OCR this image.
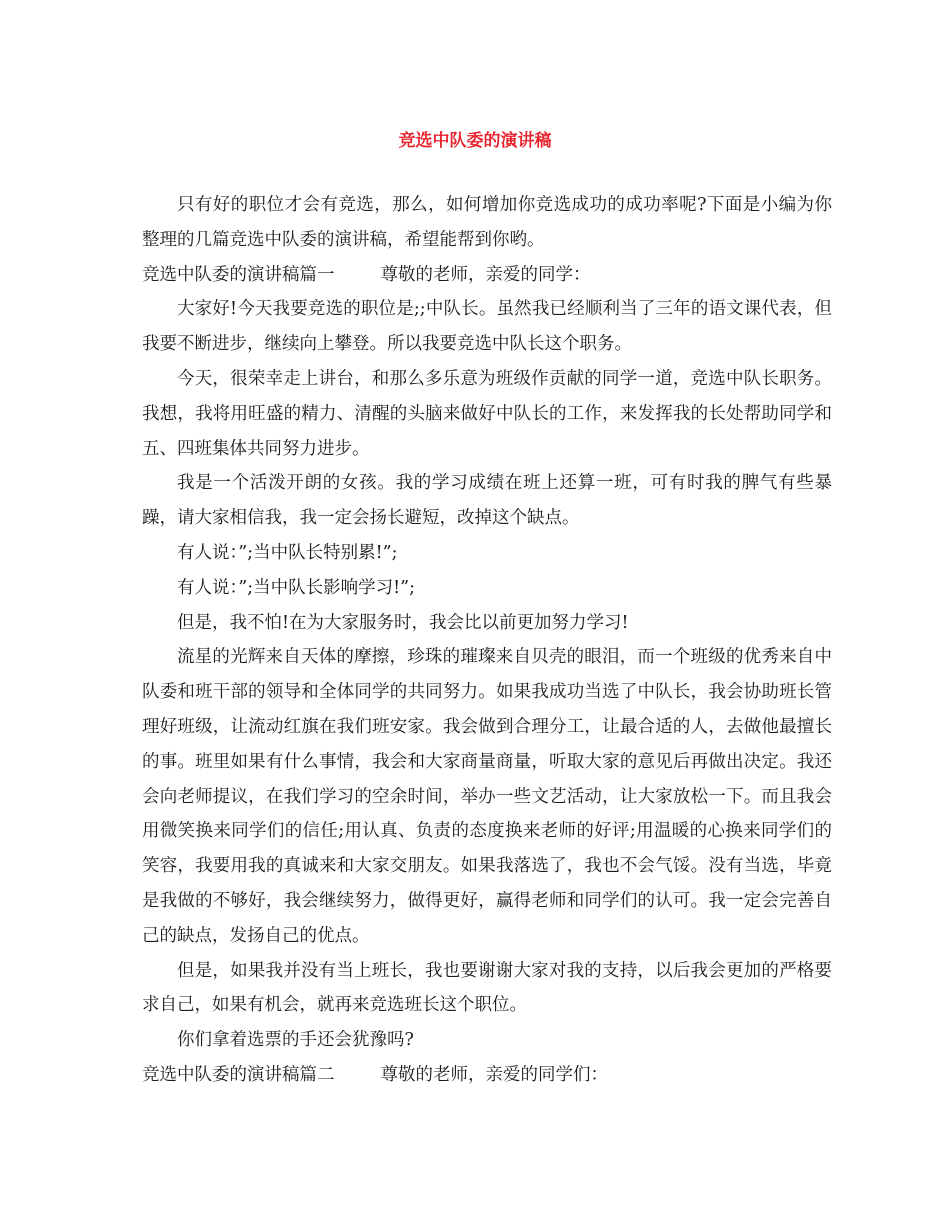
竞选中队委的演讲稿

只有好的职位才会有竞选，那么，如何增加你竞选成功的成功率呢?下面是小编为你整理的几篇竞选中队委的演讲稿，希望能帮到你哟。

竞选中队委的演讲稿篇一	尊敬的老师，亲爱的同学：

大家好!今天我要竞选的职位是;;中队长。虽然我已经顺利当了三年的语文课代表，但我要不断进步，继续向上攀登。所以我要竞选中队长这个职务。

今天，很荣幸走上讲台，和那么多乐意为班级作贡献的同学一道，竞选中队长职务。我想，我将用旺盛的精力、清醒的头脑来做好中队长的工作，来发挥我的长处帮助同学和五、四班集体共同努力进步。

我是一个活泼开朗的女孩。我的学习成绩在班上还算一班，可有时我的脾气有些暴躁，请大家相信我，我一定会扬长避短，改掉这个缺点。

有人说：”;当中队长特别累!”;

有人说：”;当中队长影响学习!”;

但是，我不怕!在为大家服务时，我会比以前更加努力学习!

流星的光辉来自天体的摩擦，珍珠的璀璨来自贝壳的眼泪，而一个班级的优秀来自中队委和班干部的领导和全体同学的共同努力。如果我成功当选了中队长，我会协助班长管理好班级，让流动红旗在我们班安家。我会做到合理分工，让最合适的人，去做他最擅长的事。班里如果有什么事情，我会和大家商量商量，听取大家的意见后再做出决定。我还会向老师提议，在我们学习的空余时间，举办一些文艺活动，让大家放松一下。而且我会用微笑换来同学们的信任;用认真、负责的态度换来老师的好评;用温暖的心换来同学们的笑容，我要用我的真诚来和大家交朋友。如果我落选了，我也不会气馁。没有当选，毕竟是我做的不够好，我会继续努力，做得更好，赢得老师和同学们的认可。我一定会完善自己的缺点，发扬自己的优点。

但是，如果我并没有当上班长，我也要谢谢大家对我的支持，以后我会更加的严格要求自己，如果有机会，就再来竞选班长这个职位。

你们拿着选票的手还会犹豫吗?

竞选中队委的演讲稿篇二	尊敬的老师，亲爱的同学们：
